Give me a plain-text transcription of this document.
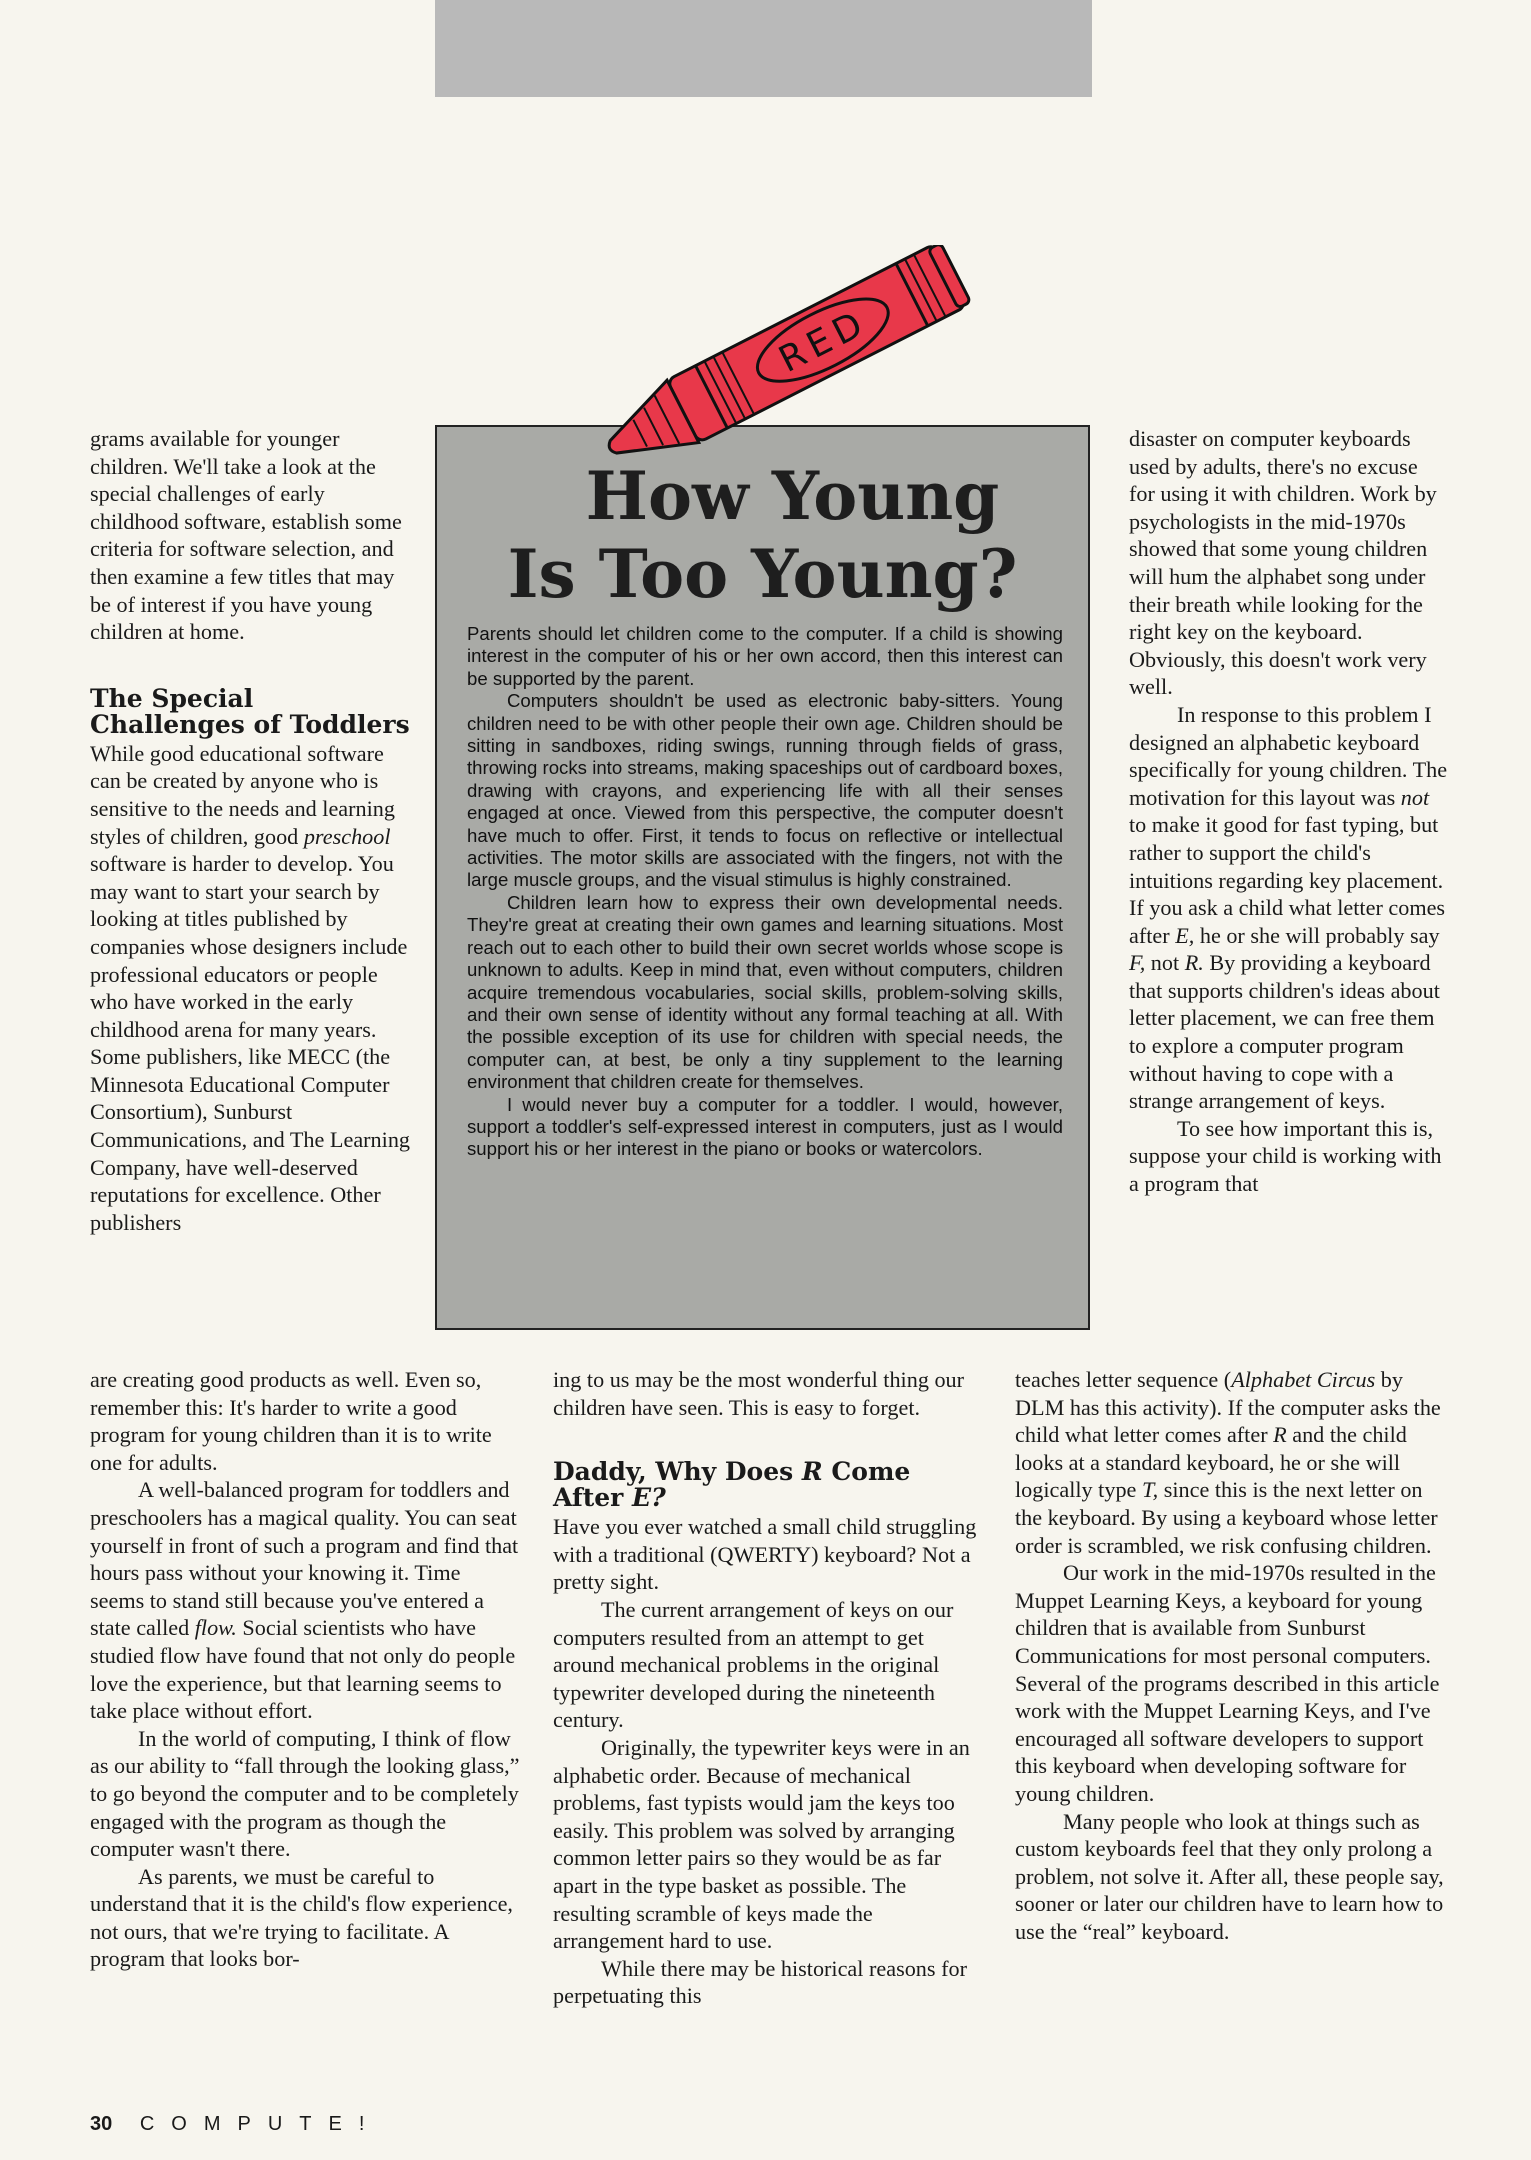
grams available for younger children. We'll take a look at the special challenges of early childhood software, establish some criteria for software selection, and then examine a few titles that may be of interest if you have young children at home.

The Special Challenges of Toddlers

While good educational software can be created by anyone who is sensitive to the needs and learning styles of children, good preschool software is harder to develop. You may want to start your search by looking at titles published by companies whose designers include professional educators or people who have worked in the early childhood arena for many years. Some publishers, like MECC (the Minnesota Educational Computer Consortium), Sunburst Communications, and The Learning Company, have well-deserved reputations for excellence. Other publishers

How Young
Is Too Young?

Parents should let children come to the computer. If a child is showing interest in the computer of his or her own accord, then this interest can be supported by the parent.

Computers shouldn't be used as electronic baby-sitters. Young children need to be with other people their own age. Children should be sitting in sandboxes, riding swings, running through fields of grass, throwing rocks into streams, making spaceships out of cardboard boxes, drawing with crayons, and experiencing life with all their senses engaged at once. Viewed from this perspective, the computer doesn't have much to offer. First, it tends to focus on reflective or intellectual activities. The motor skills are associated with the fingers, not with the large muscle groups, and the visual stimulus is highly constrained.

Children learn how to express their own developmental needs. They're great at creating their own games and learning situations. Most reach out to each other to build their own secret worlds whose scope is unknown to adults. Keep in mind that, even without computers, children acquire tremendous vocabularies, social skills, problem-solving skills, and their own sense of identity without any formal teaching at all. With the possible exception of its use for children with special needs, the computer can, at best, be only a tiny supplement to the learning environment that children create for themselves.

I would never buy a computer for a toddler. I would, however, support a toddler's self-expressed interest in computers, just as I would support his or her interest in the piano or books or watercolors.

RED

disaster on computer keyboards used by adults, there's no excuse for using it with children. Work by psychologists in the mid-1970s showed that some young children will hum the alphabet song under their breath while looking for the right key on the keyboard. Obviously, this doesn't work very well.

In response to this problem I designed an alphabetic keyboard specifically for young children. The motivation for this layout was not to make it good for fast typing, but rather to support the child's intuitions regarding key placement. If you ask a child what letter comes after E, he or she will probably say F, not R. By providing a keyboard that supports children's ideas about letter placement, we can free them to explore a computer program without having to cope with a strange arrangement of keys.

To see how important this is, suppose your child is working with a program that

are creating good products as well. Even so, remember this: It's harder to write a good program for young children than it is to write one for adults.

A well-balanced program for toddlers and preschoolers has a magical quality. You can seat yourself in front of such a program and find that hours pass without your knowing it. Time seems to stand still because you've entered a state called flow. Social scientists who have studied flow have found that not only do people love the experience, but that learning seems to take place without effort.

In the world of computing, I think of flow as our ability to “fall through the looking glass,” to go beyond the computer and to be completely engaged with the program as though the computer wasn't there.

As parents, we must be careful to understand that it is the child's flow experience, not ours, that we're trying to facilitate. A program that looks bor-

ing to us may be the most wonderful thing our children have seen. This is easy to forget.

Daddy, Why Does R Come After E?

Have you ever watched a small child struggling with a traditional (QWERTY) keyboard? Not a pretty sight.

The current arrangement of keys on our computers resulted from an attempt to get around mechanical problems in the original typewriter developed during the nineteenth century.

Originally, the typewriter keys were in an alphabetic order. Because of mechanical problems, fast typists would jam the keys too easily. This problem was solved by arranging common letter pairs so they would be as far apart in the type basket as possible. The resulting scramble of keys made the arrangement hard to use.

While there may be historical reasons for perpetuating this

teaches letter sequence (Alphabet Circus by DLM has this activity). If the computer asks the child what letter comes after R and the child looks at a standard keyboard, he or she will logically type T, since this is the next letter on the keyboard. By using a keyboard whose letter order is scrambled, we risk confusing children.

Our work in the mid-1970s resulted in the Muppet Learning Keys, a keyboard for young children that is available from Sunburst Communications for most personal computers. Several of the programs described in this article work with the Muppet Learning Keys, and I've encouraged all software developers to support this keyboard when developing software for young children.

Many people who look at things such as custom keyboards feel that they only prolong a problem, not solve it. After all, these people say, sooner or later our children have to learn how to use the “real” keyboard.

30 COMPUTE!
